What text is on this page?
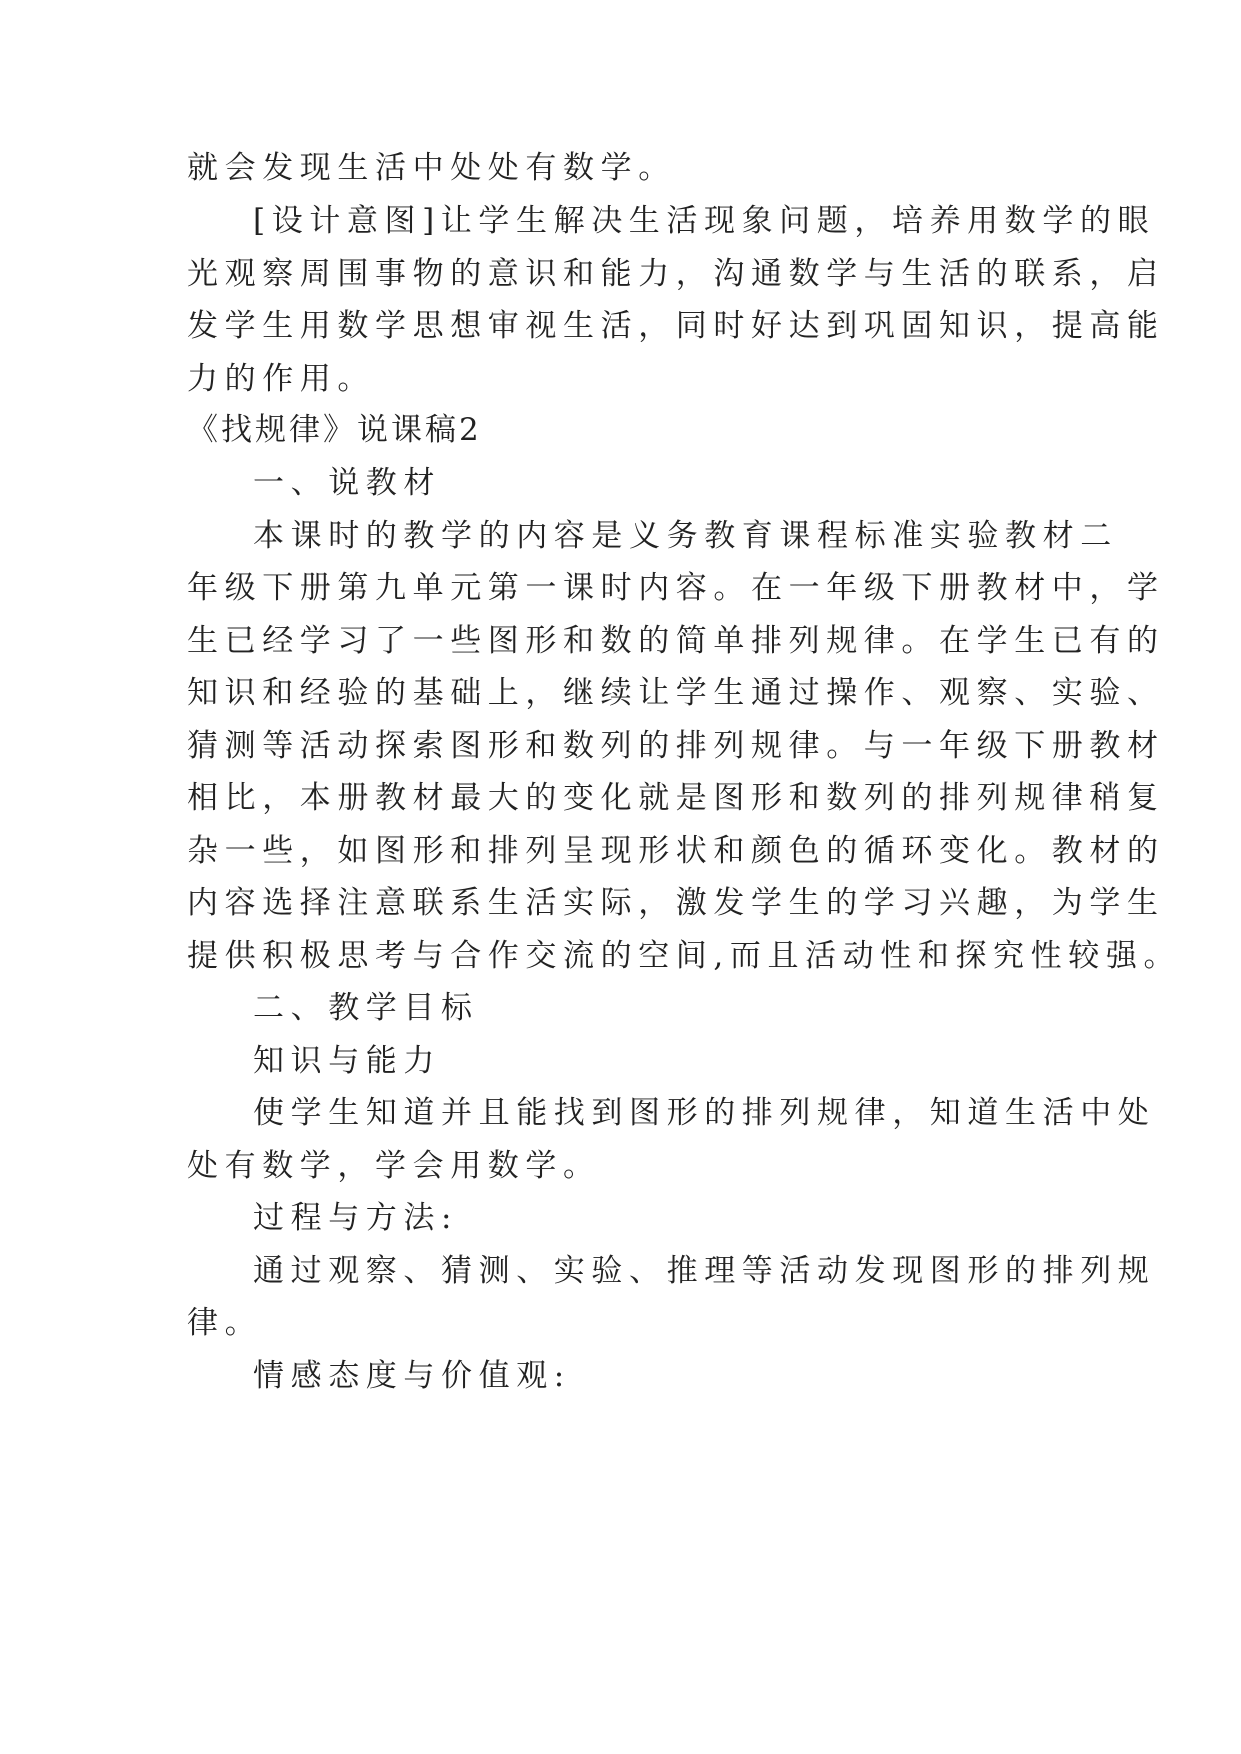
就会发现生活中处处有数学。
[设计意图]让学生解决生活现象问题，培养用数学的眼
光观察周围事物的意识和能力，沟通数学与生活的联系，启
发学生用数学思想审视生活，同时好达到巩固知识，提高能
力的作用。
《找规律》说课稿2
一、说教材
本课时的教学的内容是义务教育课程标准实验教材二
年级下册第九单元第一课时内容。在一年级下册教材中，学
生已经学习了一些图形和数的简单排列规律。在学生已有的
知识和经验的基础上，继续让学生通过操作、观察、实验、
猜测等活动探索图形和数列的排列规律。与一年级下册教材
相比，本册教材最大的变化就是图形和数列的排列规律稍复
杂一些，如图形和排列呈现形状和颜色的循环变化。教材的
内容选择注意联系生活实际，激发学生的学习兴趣，为学生
提供积极思考与合作交流的空间,而且活动性和探究性较强。
二、教学目标
知识与能力
使学生知道并且能找到图形的排列规律，知道生活中处
处有数学，学会用数学。
过程与方法:
通过观察、猜测、实验、推理等活动发现图形的排列规
律。
情感态度与价值观:
